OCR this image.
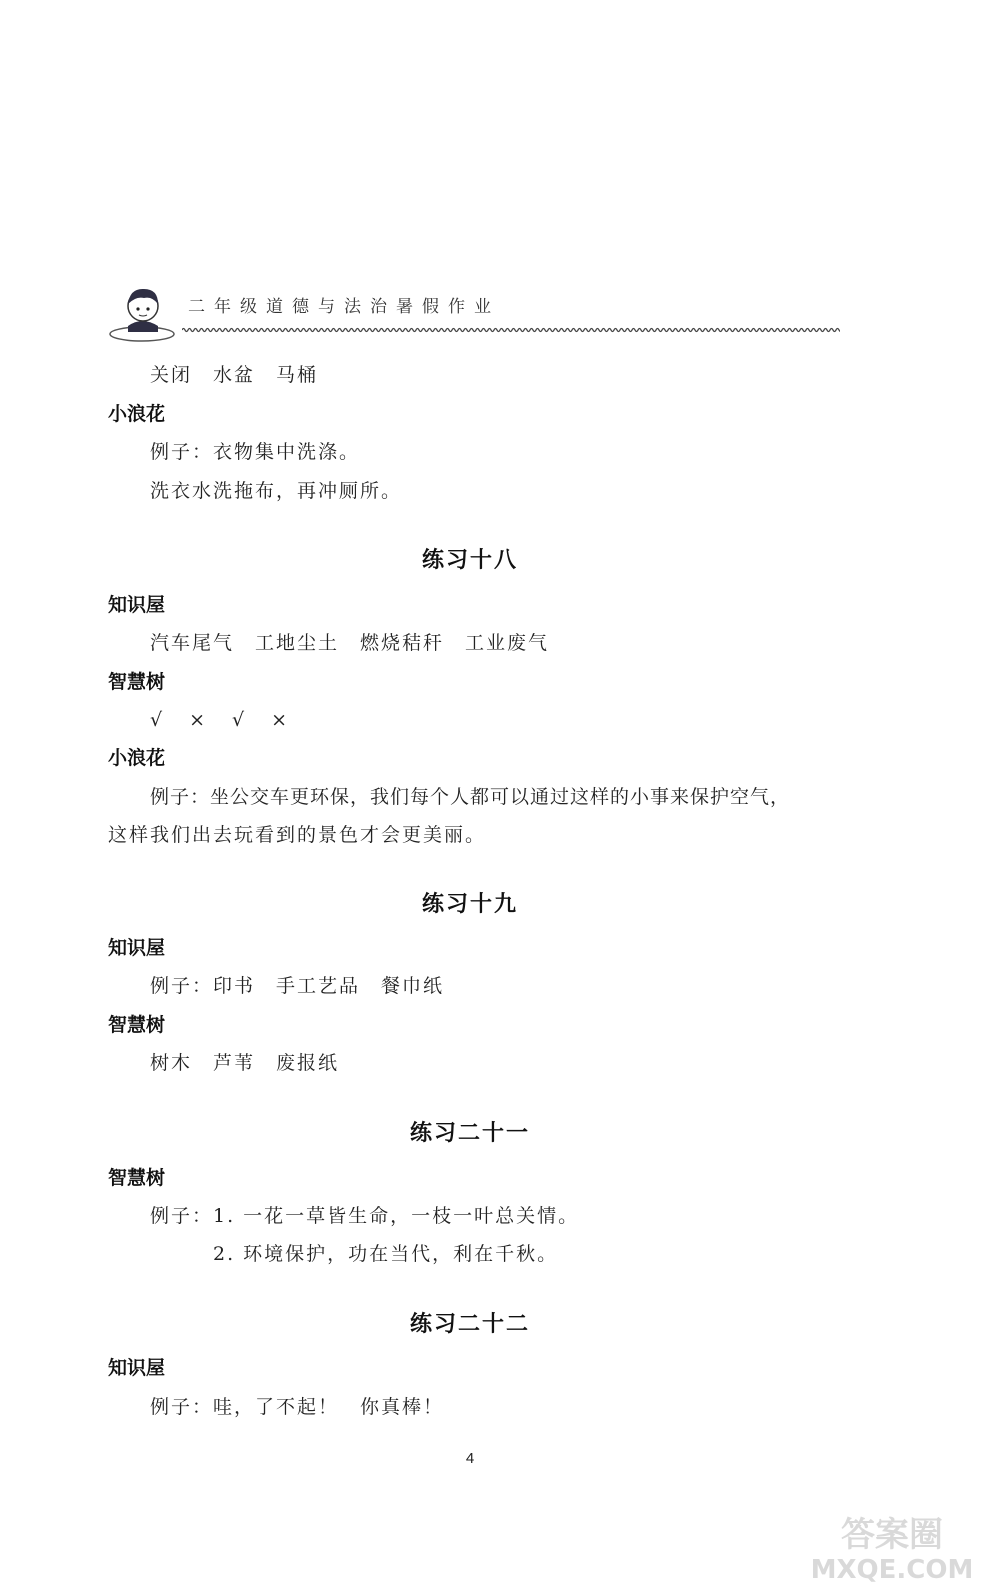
二年级道德与法治暑假作业
关闭　水盆　马桶
小浪花
例子：衣物集中洗涤。
洗衣水洗拖布，再冲厕所。
练习十八
知识屋
汽车尾气　工地尘土　燃烧秸秆　工业废气
智慧树
√　×　√　×
小浪花
例子：坐公交车更环保，我们每个人都可以通过这样的小事来保护空气，
这样我们出去玩看到的景色才会更美丽。
练习十九
知识屋
例子：印书　手工艺品　餐巾纸
智慧树
树木　芦苇　废报纸
练习二十一
智慧树
例子：1. 一花一草皆生命，一枝一叶总关情。
2. 环境保护，功在当代，利在千秋。
练习二十二
知识屋
例子：哇，了不起！　你真棒！
4
答案圈
MXQE.COM
